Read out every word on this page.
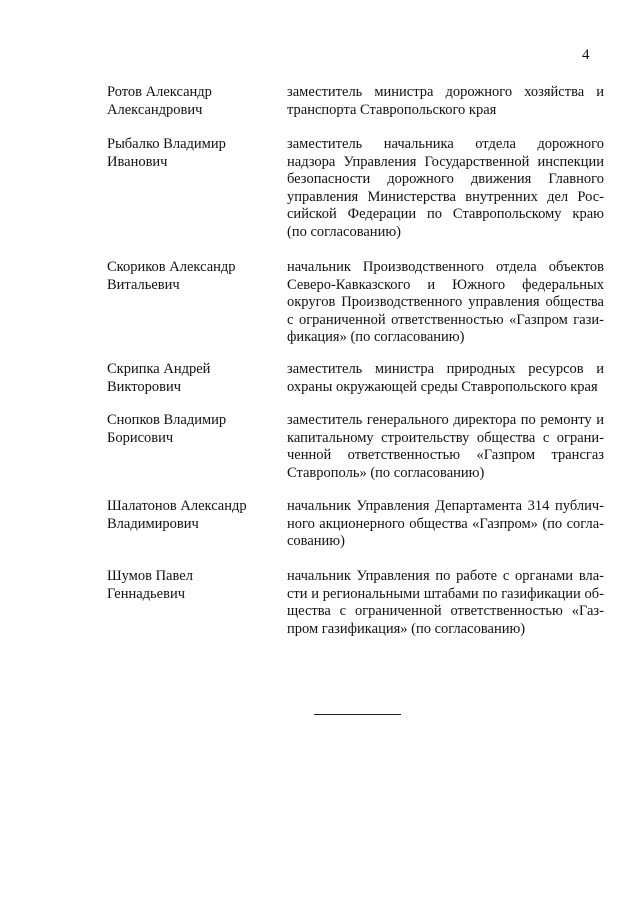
4
Ротов Александр
Александрович
заместитель министра дорожного хозяйства и
транспорта Ставропольского края
Рыбалко Владимир
Иванович
заместитель начальника отдела дорожного
надзора Управления Государственной инспекции
безопасности дорожного движения Главного
управления Министерства внутренних дел Рос-
сийской Федерации по Ставропольскому краю
(по согласованию)
Скориков Александр
Витальевич
начальник Производственного отдела объектов
Северо-Кавказского и Южного федеральных
округов Производственного управления общества
с ограниченной ответственностью «Газпром гази-
фикация» (по согласованию)
Скрипка Андрей
Викторович
заместитель министра природных ресурсов и
охраны окружающей среды Ставропольского края
Снопков Владимир
Борисович
заместитель генерального директора по ремонту и
капитальному строительству общества с ограни-
ченной ответственностью «Газпром трансгаз
Ставрополь» (по согласованию)
Шалатонов Александр
Владимирович
начальник Управления Департамента 314 публич-
ного акционерного общества «Газпром» (по согла-
сованию)
Шумов Павел
Геннадьевич
начальник Управления по работе с органами вла-
сти и региональными штабами по газификации об-
щества с ограниченной ответственностью «Газ-
пром газификация» (по согласованию)
